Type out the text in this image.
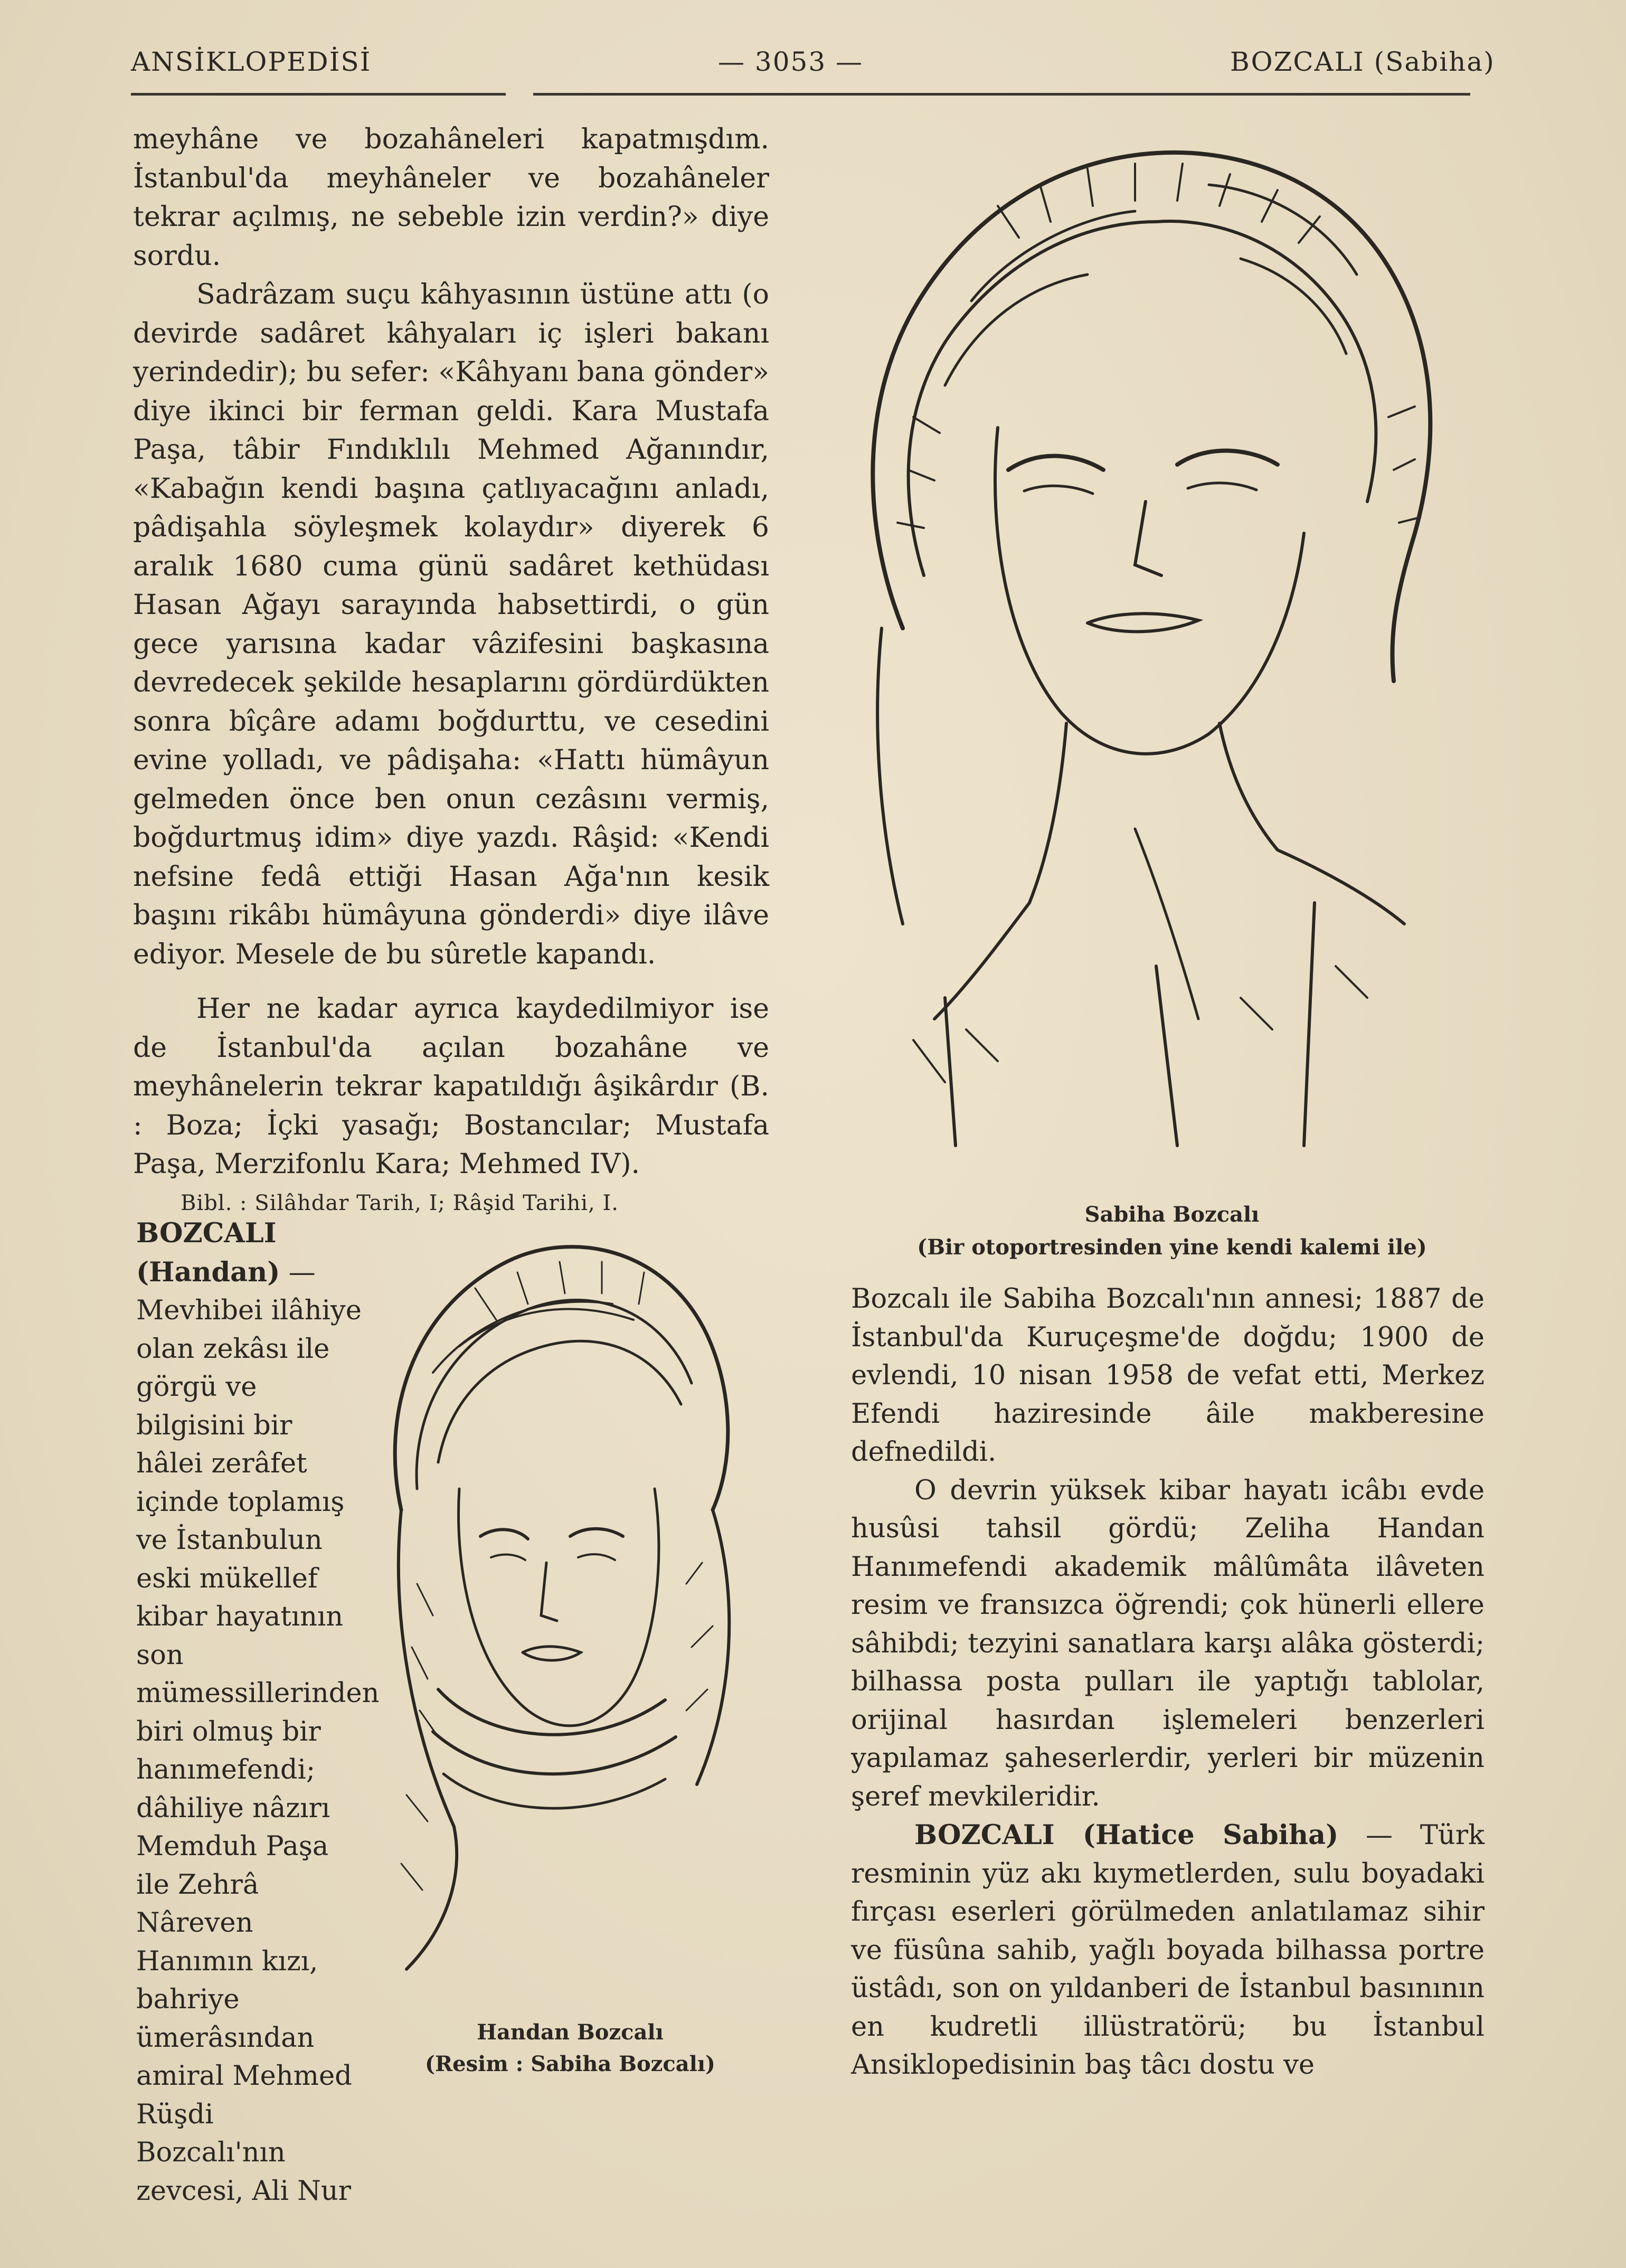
ANSİKLOPEDİSİ	— 3053 —	BOZCALI (Sabiha)

meyhâne ve bozahâneleri kapatmışdım. İstanbul'da meyhâneler ve bozahâneler tekrar açılmış, ne sebeble izin verdin?» diye sordu.

Sadrâzam suçu kâhyasının üstüne attı (o devirde sadâret kâhyaları iç işleri bakanı yerindedir); bu sefer: «Kâhyanı bana gönder» diye ikinci bir ferman geldi. Kara Mustafa Paşa, tâbir Fındıklılı Mehmed Ağanındır, «Kabağın kendi başına çatlıyacağını anladı, pâdişahla söyleşmek kolaydır» diyerek 6 aralık 1680 cuma günü sadâret kethüdası Hasan Ağayı sarayında habsettirdi, o gün gece yarısına kadar vâzifesini başkasına devredecek şekilde hesaplarını gördürdükten sonra bîçâre adamı boğdurttu, ve cesedini evine yolladı, ve pâdişaha: «Hattı hümâyun gelmeden önce ben onun cezâsını vermiş, boğdurtmuş idim» diye yazdı. Râşid: «Kendi nefsine fedâ ettiği Hasan Ağa'nın kesik başını rikâbı hümâyuna gönderdi» diye ilâve ediyor. Mesele de bu sûretle kapandı.

Her ne kadar ayrıca kaydedilmiyor ise de İstanbul'da açılan bozahâne ve meyhânelerin tekrar kapatıldığı âşikârdır (B. : Boza; İçki yasağı; Bostancılar; Mustafa Paşa, Merzifonlu Kara; Mehmed IV).

Bibl. : Silâhdar Tarih, I; Râşid Tarihi, I.

BOZCALI (Handan) — Mevhibei ilâhiye olan zekâsı ile görgü ve bilgisini bir hâlei zerâfet içinde toplamış ve İstanbulun eski mükellef kibar hayatının son mümessillerinden biri olmuş bir hanımefendi; dâhiliye nâzırı Memduh Paşa ile Zehrâ Nâreven Hanımın kızı, bahriye ümerâsından amiral Mehmed Rüşdi Bozcalı'nın zevcesi, Ali Nur

Handan Bozcalı
(Resim : Sabiha Bozcalı)
Sabiha Bozcalı
(Bir otoportresinden yine kendi kalemi ile)

Bozcalı ile Sabiha Bozcalı'nın annesi; 1887 de İstanbul'da Kuruçeşme'de doğdu; 1900 de evlendi, 10 nisan 1958 de vefat etti, Merkez Efendi haziresinde âile makberesine defnedildi.

O devrin yüksek kibar hayatı icâbı evde husûsi tahsil gördü; Zeliha Handan Hanımefendi akademik mâlûmâta ilâveten resim ve fransızca öğrendi; çok hünerli ellere sâhibdi; tezyini sanatlara karşı alâka gösterdi; bilhassa posta pulları ile yaptığı tablolar, orijinal hasırdan işlemeleri benzerleri yapılamaz şaheserlerdir, yerleri bir müzenin şeref mevkileridir.

BOZCALI (Hatice Sabiha) — Türk resminin yüz akı kıymetlerden, sulu boyadaki fırçası eserleri görülmeden anlatılamaz sihir ve füsûna sahib, yağlı boyada bilhassa portre üstâdı, son on yıldanberi de İstanbul basınının en kudretli illüstratörü; bu İstanbul Ansiklopedisinin baş tâcı dostu ve
